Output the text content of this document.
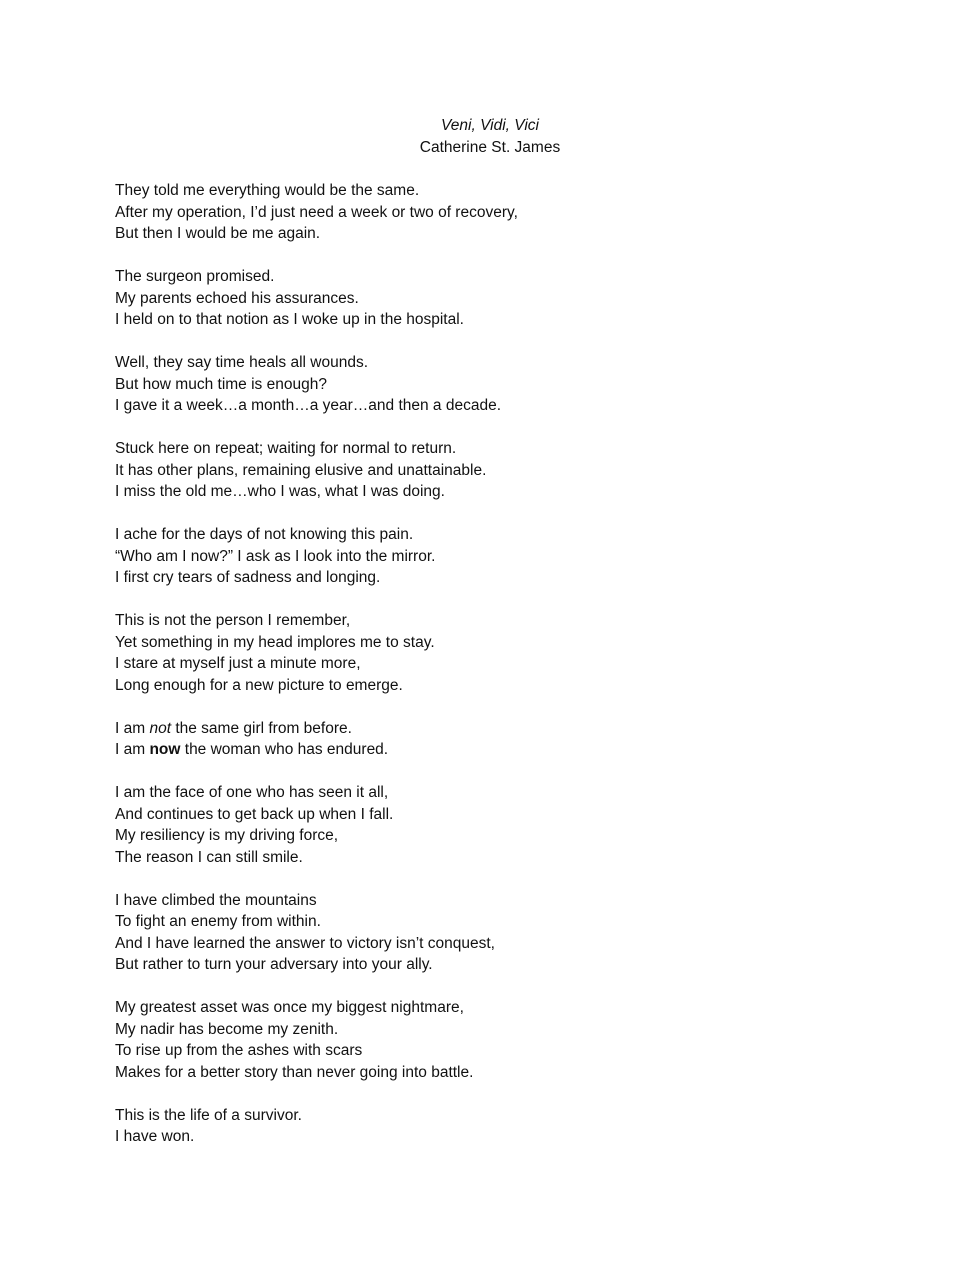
Veni, Vidi, Vici
Catherine St. James
They told me everything would be the same.
After my operation, I’d just need a week or two of recovery,
But then I would be me again.
The surgeon promised.
My parents echoed his assurances.
I held on to that notion as I woke up in the hospital.
Well, they say time heals all wounds.
But how much time is enough?
I gave it a week…a month…a year…and then a decade.
Stuck here on repeat; waiting for normal to return.
It has other plans, remaining elusive and unattainable.
I miss the old me…who I was, what I was doing.
I ache for the days of not knowing this pain.
“Who am I now?” I ask as I look into the mirror.
I first cry tears of sadness and longing.
This is not the person I remember,
Yet something in my head implores me to stay.
I stare at myself just a minute more,
Long enough for a new picture to emerge.
I am not the same girl from before.
I am now the woman who has endured.
I am the face of one who has seen it all,
And continues to get back up when I fall.
My resiliency is my driving force,
The reason I can still smile.
I have climbed the mountains
To fight an enemy from within.
And I have learned the answer to victory isn’t conquest,
But rather to turn your adversary into your ally.
My greatest asset was once my biggest nightmare,
My nadir has become my zenith.
To rise up from the ashes with scars
Makes for a better story than never going into battle.
This is the life of a survivor.
I have won.
